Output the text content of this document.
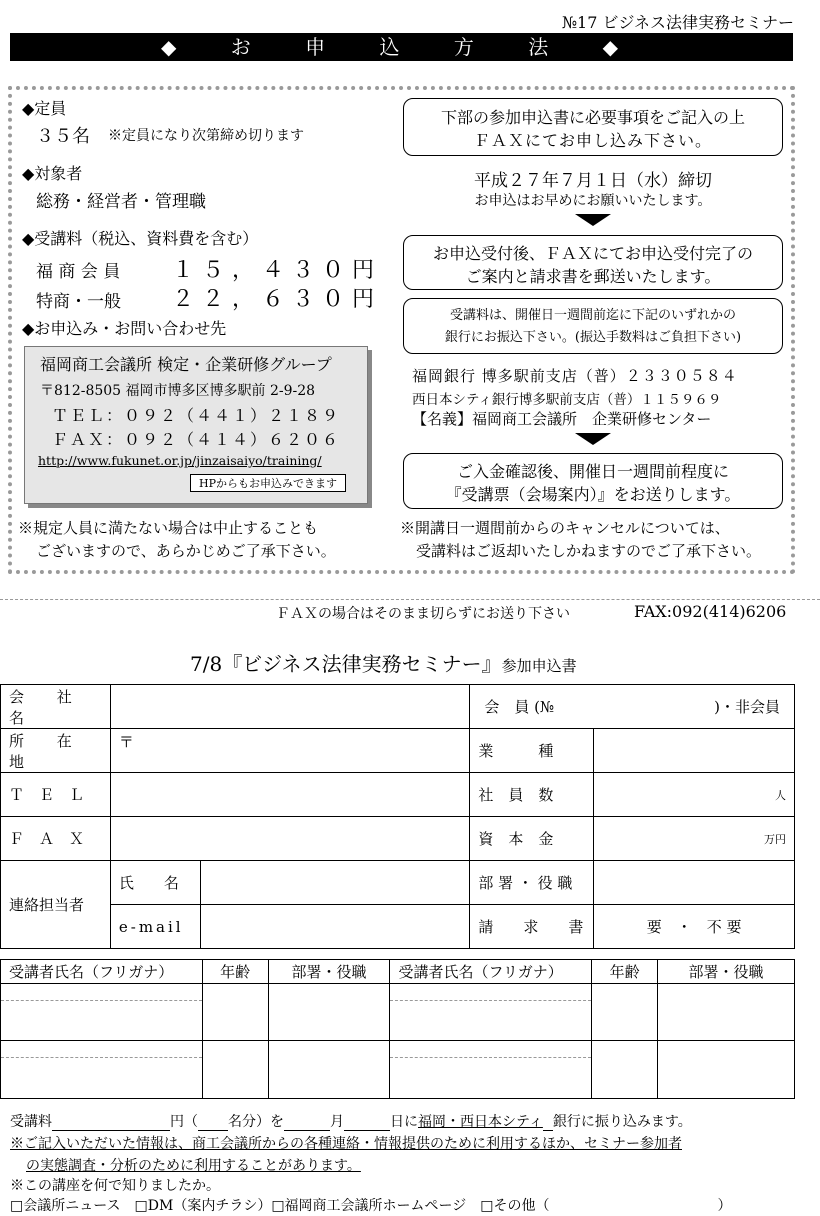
№17 ビジネス法律実務セミナー
◆ お 申 込 方 法 ◆
◆定員
３５名 ※定員になり次第締め切ります
◆対象者
総務・経営者・管理職
◆受講料（税込、資料費を含む）
福 商 会 員 １５，４３０円
特商・一般 ２２，６３０円
◆お申込み・お問い合わせ先
福岡商工会議所 検定・企業研修グループ
〒812-8505 福岡市博多区博多駅前 2-9-28
ＴＥＬ：０９２（４４１）２１８９
ＦＡＸ：０９２（４１４）６２０６
http://www.fukunet.or.jp/jinzaisaiyo/training/
HPからもお申込みできます
※規定人員に満たない場合は中止することも
ございますので、あらかじめご了承下さい。
下部の参加申込書に必要事項をご記入の上
ＦＡＸにてお申し込み下さい。
平成２７年７月１日（水）締切
お申込はお早めにお願いいたします。
お申込受付後、ＦＡＸにてお申込受付完了の
ご案内と請求書を郵送いたします。
受講料は、開催日一週間前迄に下記のいずれかの
銀行にお振込下さい。(振込手数料はご負担下さい)
福岡銀行 博多駅前支店（普）２３３０５８４
西日本シティ銀行博多駅前支店（普）１１５９６９
【名義】福岡商工会議所　企業研修センター
ご入金確認後、開催日一週間前程度に
『受講票（会場案内）』をお送りします。
※開講日一週間前からのキャンセルについては、
受講料はご返却いたしかねますのでご了承下さい。
ＦＡＸの場合はそのまま切らずにお送り下さい	FAX:092(414)6206
7/8『ビジネス法律実務セミナー』参加申込書
会 社 名			会　員 (№ )・非会員	

所 在 地	〒		業　　　種	
Ｔ　Ｅ　Ｌ			社　員　数	人
Ｆ　Ａ　Ｘ			資　本　金	万円
連絡担当者	氏　　名		部 署 ・ 役 職	
	e-mail		請　　求　　書	要　・　不 要
受講者氏名（フリガナ）	年齢	部署・役職	受講者氏名（フリガナ）	年齢	部署・役職

受講料	円（ 名分）を	月	日に福岡・西日本シティ 銀行に振り込みます。
※ご記入いただいた情報は、商工会議所からの各種連絡・情報提供のために利用するほか、セミナー参加者
の実態調査・分析のために利用することがあります。
※この講座を何で知りましたか。
□会議所ニュース　□DM（案内チラシ）□福岡商工会議所ホームページ　□その他（　　　　　　　　　　　　）
